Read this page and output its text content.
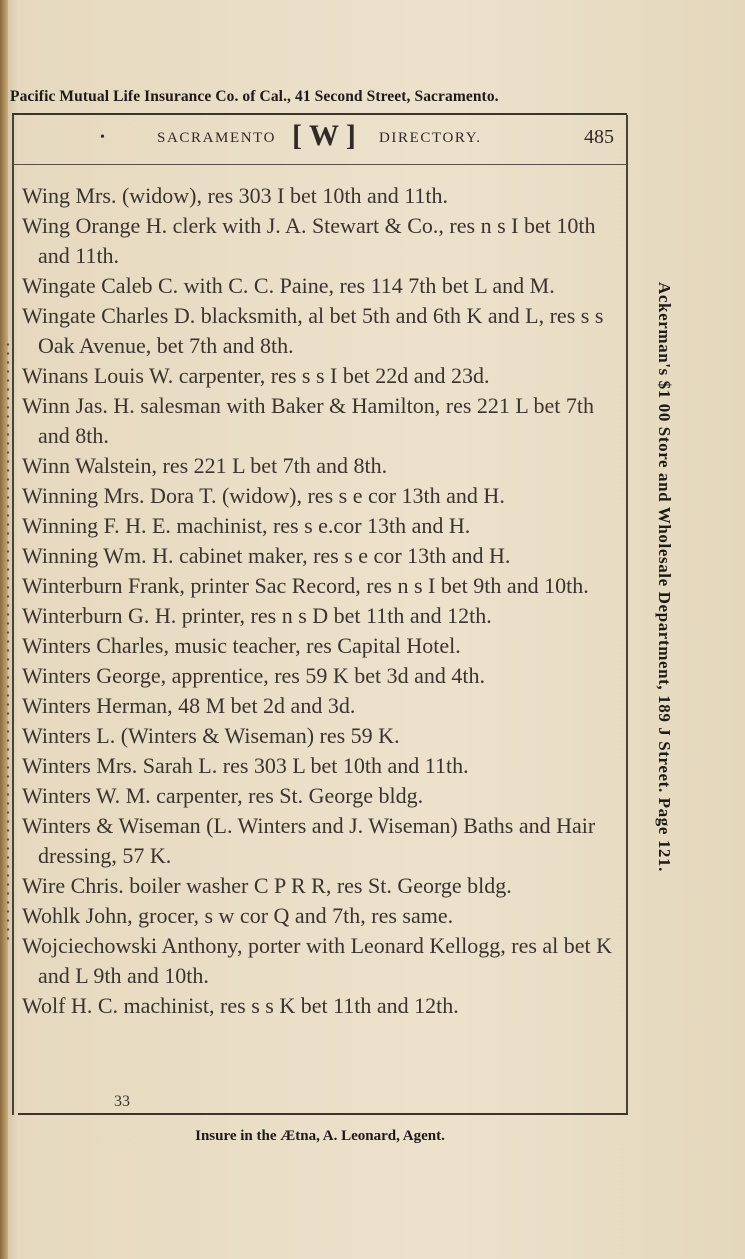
Pacific Mutual Life Insurance Co. of Cal., 41 Second Street, Sacramento.
•	SACRAMENTO [ W ] DIRECTORY.	485

Wing Mrs. (widow), res 303 I bet 10th and 11th.

Wing Orange H. clerk with J. A. Stewart & Co., res n s I bet 10th and 11th.

Wingate Caleb C. with C. C. Paine, res 114 7th bet L and M.

Wingate Charles D. blacksmith, al bet 5th and 6th K and L, res s s Oak Avenue, bet 7th and 8th.

Winans Louis W. carpenter, res s s I bet 22d and 23d.

Winn Jas. H. salesman with Baker & Hamilton, res 221 L bet 7th and 8th.

Winn Walstein, res 221 L bet 7th and 8th.

Winning Mrs. Dora T. (widow), res s e cor 13th and H.

Winning F. H. E. machinist, res s e.cor 13th and H.

Winning Wm. H. cabinet maker, res s e cor 13th and H.

Winterburn Frank, printer Sac Record, res n s I bet 9th and 10th.

Winterburn G. H. printer, res n s D bet 11th and 12th.

Winters Charles, music teacher, res Capital Hotel.

Winters George, apprentice, res 59 K bet 3d and 4th.

Winters Herman, 48 M bet 2d and 3d.

Winters L. (Winters & Wiseman) res 59 K.

Winters Mrs. Sarah L. res 303 L bet 10th and 11th.

Winters W. M. carpenter, res St. George bldg.

Winters & Wiseman (L. Winters and J. Wiseman) Baths and Hair dressing, 57 K.

Wire Chris. boiler washer C P R R, res St. George bldg.

Wohlk John, grocer, s w cor Q and 7th, res same.

Wojciechowski Anthony, porter with Leonard Kellogg, res al bet K and L 9th and 10th.

Wolf H. C. machinist, res s s K bet 11th and 12th.

33
Insure in the Ætna, A. Leonard, Agent.
Ackerman's $1 00 Store and Wholesale Department, 189 J Street. Page 121.
